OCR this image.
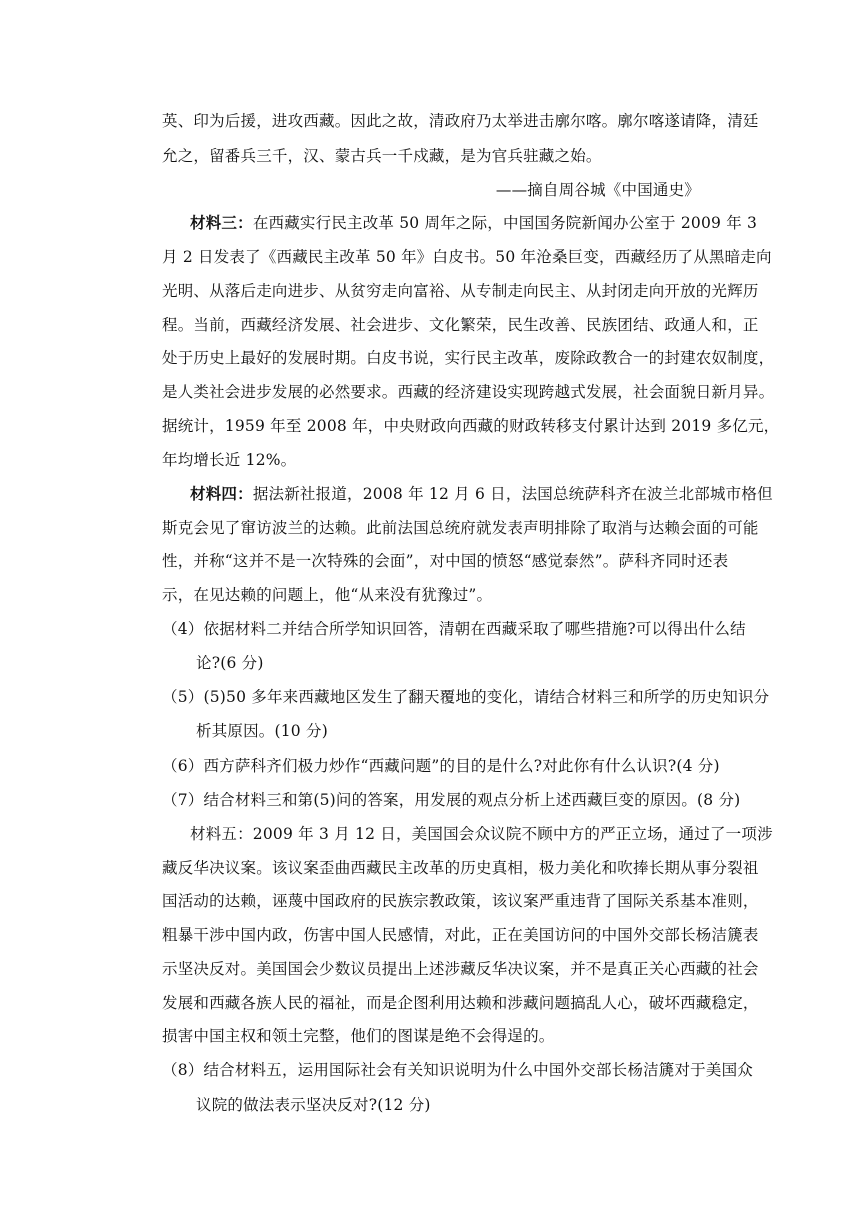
英、印为后援，进攻西藏。因此之故，清政府乃太举进击廓尔喀。廓尔喀遂请降，清廷
允之，留番兵三千，汉、蒙古兵一千戍藏，是为官兵驻藏之始。
——摘自周谷城《中国通史》
材料三：在西藏实行民主改革 50 周年之际，中国国务院新闻办公室于 2009 年 3
月 2 日发表了《西藏民主改革 50 年》白皮书。50 年沧桑巨变，西藏经历了从黑暗走向
光明、从落后走向进步、从贫穷走向富裕、从专制走向民主、从封闭走向开放的光辉历
程。当前，西藏经济发展、社会进步、文化繁荣，民生改善、民族团结、政通人和，正
处于历史上最好的发展时期。白皮书说，实行民主改革，废除政教合一的封建农奴制度，
是人类社会进步发展的必然要求。西藏的经济建设实现跨越式发展，社会面貌日新月异。
据统计，1959 年至 2008 年，中央财政向西藏的财政转移支付累计达到 2019 多亿元，
年均增长近 12%。
材料四：据法新社报道，2008 年 12 月 6 日，法国总统萨科齐在波兰北部城市格但
斯克会见了窜访波兰的达赖。此前法国总统府就发表声明排除了取消与达赖会面的可能
性，并称“这并不是一次特殊的会面”，对中国的愤怒“感觉泰然”。萨科齐同时还表
示，在见达赖的问题上，他“从来没有犹豫过”。
（4）依据材料二并结合所学知识回答，清朝在西藏采取了哪些措施?可以得出什么结
论?(6 分)
（5）(5)50 多年来西藏地区发生了翻天覆地的变化，请结合材料三和所学的历史知识分
析其原因。(10 分)
（6）西方萨科齐们极力炒作“西藏问题”的目的是什么?对此你有什么认识?(4 分)
（7）结合材料三和第(5)问的答案，用发展的观点分析上述西藏巨变的原因。(8 分)
材料五：2009 年 3 月 12 日，美国国会众议院不顾中方的严正立场，通过了一项涉
藏反华决议案。该议案歪曲西藏民主改革的历史真相，极力美化和吹捧长期从事分裂祖
国活动的达赖，诬蔑中国政府的民族宗教政策，该议案严重违背了国际关系基本准则，
粗暴干涉中国内政，伤害中国人民感情，对此，正在美国访问的中国外交部长杨洁篪表
示坚决反对。美国国会少数议员提出上述涉藏反华决议案，并不是真正关心西藏的社会
发展和西藏各族人民的福祉，而是企图利用达赖和涉藏问题搞乱人心，破坏西藏稳定，
损害中国主权和领土完整，他们的图谋是绝不会得逞的。
（8）结合材料五，运用国际社会有关知识说明为什么中国外交部长杨洁篪对于美国众
议院的做法表示坚决反对?(12 分)
